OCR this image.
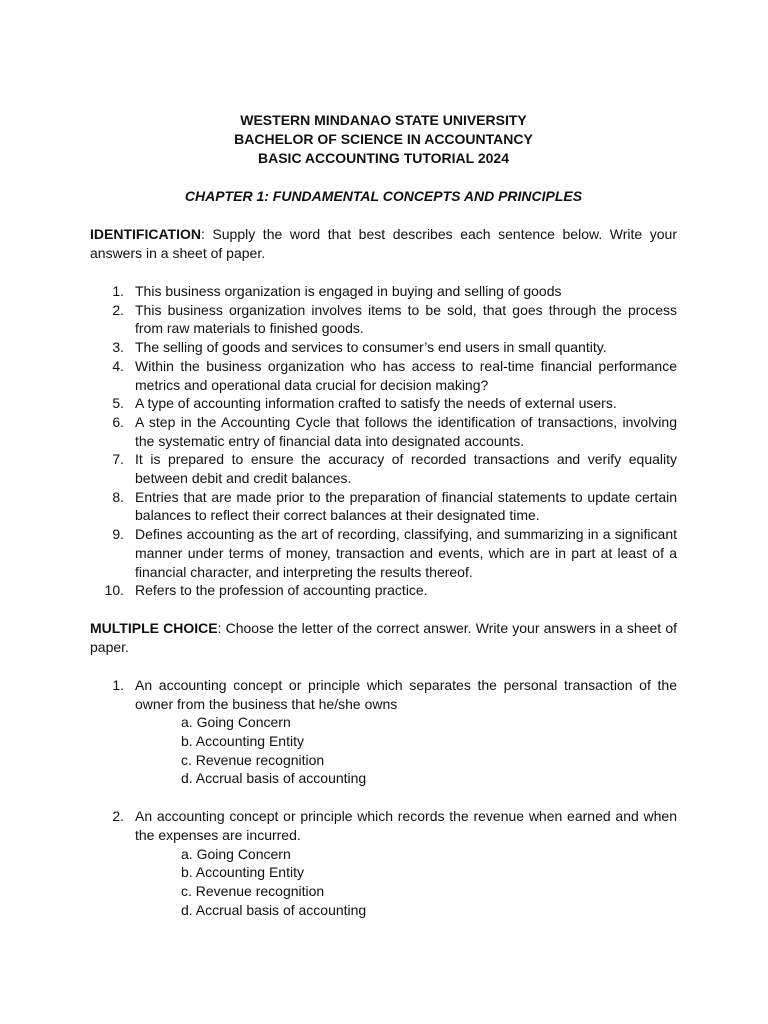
WESTERN MINDANAO STATE UNIVERSITY

BACHELOR OF SCIENCE IN ACCOUNTANCY

BASIC ACCOUNTING TUTORIAL 2024

CHAPTER 1: FUNDAMENTAL CONCEPTS AND PRINCIPLES
IDENTIFICATION: Supply the word that best describes each sentence below. Write your answers in a sheet of paper.
1. This business organization is engaged in buying and selling of goods
2. This business organization involves items to be sold, that goes through the process from raw materials to finished goods.
3. The selling of goods and services to consumer’s end users in small quantity.
4. Within the business organization who has access to real-time financial performance metrics and operational data crucial for decision making?
5. A type of accounting information crafted to satisfy the needs of external users.
6. A step in the Accounting Cycle that follows the identification of transactions, involving the systematic entry of financial data into designated accounts.
7. It is prepared to ensure the accuracy of recorded transactions and verify equality between debit and credit balances.
8. Entries that are made prior to the preparation of financial statements to update certain balances to reflect their correct balances at their designated time.
9. Defines accounting as the art of recording, classifying, and summarizing in a significant manner under terms of money, transaction and events, which are in part at least of a financial character, and interpreting the results thereof.
10. Refers to the profession of accounting practice.
MULTIPLE CHOICE: Choose the letter of the correct answer. Write your answers in a sheet of paper.
1. An accounting concept or principle which separates the personal transaction of the owner from the business that he/she owns
a. Going Concern
b. Accounting Entity
c. Revenue recognition
d. Accrual basis of accounting
2. An accounting concept or principle which records the revenue when earned and when the expenses are incurred.
a. Going Concern
b. Accounting Entity
c. Revenue recognition
d. Accrual basis of accounting
